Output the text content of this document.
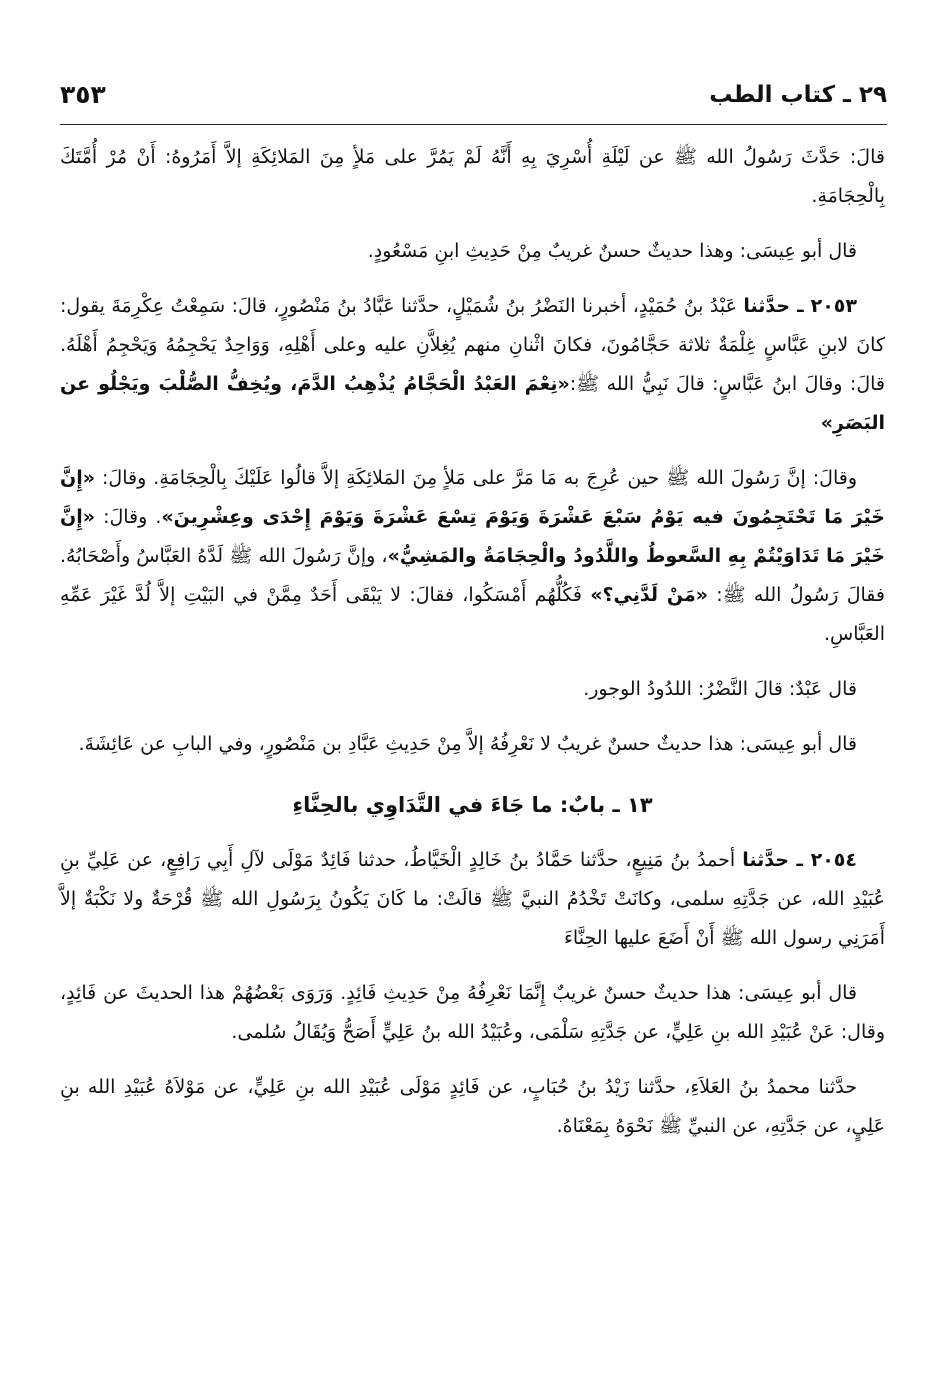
٢٩ ـ كتاب الطب
٣٥٣

قالَ: حَدَّثَ رَسُولُ الله ﷺ عن لَيْلَةِ أُسْرِيَ بِهِ أَنَّهُ لَمْ يَمُرَّ على مَلأٍ مِنَ المَلائِكَةِ إلاَّ أَمَرُوهُ: أَنْ مُرْ أُمَّتَكَ بِالْحِجَامَةِ.

قال أبو عِيسَى: وهذا حديثٌ حسنٌ غريبٌ مِنْ حَدِيثِ ابنِ مَسْعُودٍ.

٢٠٥٣ ـ حدَّثنا عَبْدُ بنُ حُمَيْدٍ، أخبرنا النَضْرُ بنُ شُمَيْلٍ، حدَّثنا عَبَّادُ بنُ مَنْصُورٍ، قالَ: سَمِعْتُ عِكْرِمَةَ يقول: كانَ لابنِ عَبَّاسٍ غِلْمَةٌ ثلاثة حَجَّامُونَ، فكانَ اثْنانِ منهم يُغِلاَّنِ عليه وعلى أَهْلِهِ، وَوَاحِدٌ يَحْجِمُهُ وَيَحْجِمُ أَهْلَهُ. قالَ: وقالَ ابنُ عَبَّاسٍ: قالَ نَبِيُّ الله ﷺ:«نِعْمَ العَبْدُ الْحَجَّامُ يُذْهِبُ الدَّمَ، ويُخِفُّ الصُّلْبَ ويَجْلُو عن البَصَرِ»

وقالَ: إنَّ رَسُولَ الله ﷺ حين عُرِجَ به مَا مَرَّ على مَلأٍ مِنَ المَلائِكَةِ إلاَّ قالُوا عَلَيْكَ بِالْحِجَامَةِ. وقالَ: «إِنَّ خَيْرَ مَا تَحْتَجِمُونَ فيه يَوْمُ سَبْعَ عَشْرَةَ وَيَوْمَ تِسْعَ عَشْرَةَ وَيَوْمَ إِحْدَى وعِشْرِينَ». وقالَ: «إِنَّ خَيْرَ مَا تَدَاوَيْتُمْ بِهِ السَّعوطُ واللَّدُودُ والْحِجَامَةُ والمَشِيُّ»، وإنَّ رَسُولَ الله ﷺ لَدَّهُ العَبَّاسُ وأَصْحَابُهُ. فقالَ رَسُولُ الله ﷺ: «مَنْ لَدَّنِي؟» فَكُلُّهُم أَمْسَكُوا، فقالَ: لا يَبْقَى أَحَدٌ مِمَّنْ في البَيْتِ إلاَّ لُدَّ غَيْرَ عَمِّهِ العَبَّاسِ.

قال عَبْدٌ: قالَ النَّضْرُ: اللدُودُ الوجور.

قال أبو عِيسَى: هذا حديثٌ حسنٌ غريبٌ لا نَعْرِفُهُ إلاَّ مِنْ حَدِيثِ عَبَّادِ بن مَنْصُورٍ، وفي البابِ عن عَائِشَةَ.

١٣ ـ بابٌ: ما جَاءَ في التَّدَاوِي بالحِنَّاءِ

٢٠٥٤ ـ حدَّثنا أحمدُ بنُ مَنِيعٍ، حدَّثنا حَمَّادُ بنُ خَالِدٍ الْخَيَّاطُ، حدثنا فَائِدٌ مَوْلَى لآلِ أَبِي رَافِعٍ، عن عَلِيِّ بنِ عُبَيْدِ الله، عن جَدَّتِهِ سلمى، وكانَتْ تَخْدُمُ النبيَّ ﷺ قالَتْ: ما كَانَ يَكُونُ بِرَسُولِ الله ﷺ قُرْحَةٌ ولا نَكْبَةٌ إلاَّ أَمَرَنِي رسول الله ﷺ أَنْ أَضَعَ عليها الحِنَّاءَ

قال أبو عِيسَى: هذا حديثٌ حسنٌ غريبٌ إِنَّمَا نَعْرِفُهُ مِنْ حَدِيثِ فَائِدٍ. وَرَوَى بَعْضُهُمْ هذا الحديثَ عن فَائِدٍ، وقال: عَنْ عُبَيْدِ الله بنِ عَلِيٍّ، عن جَدَّتِهِ سَلْمَى، وعُبَيْدُ الله بنُ عَلِيٍّ أَصَحُّ وَيُقَالُ سُلمى.

حدَّثنا محمدُ بنُ العَلاَءِ، حدَّثنا زَيْدُ بنُ حُبَابٍ، عن فَائِدٍ مَوْلَى عُبَيْدِ الله بنِ عَلِيٍّ، عن مَوْلاَهُ عُبَيْدِ الله بنِ عَلِيٍ، عن جَدَّتِهِ، عن النبيِّ ﷺ نَحْوَهُ بِمَعْنَاهُ.
